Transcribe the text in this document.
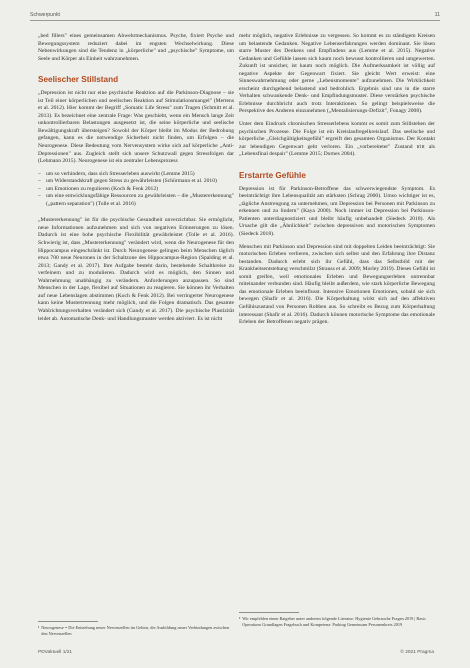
Schwerpunkt	11

„bed fillers" eines gemeinsamen Abwehrmechanismus. Psyche, fixiert Psyche und Bewegungssystem reduziert dabei im engsten Wechselwirkung. Diese Nebenwirkungen sind die Tendenz in „körperliche" und „psychische" Symptome, um Seele und Körper als Einheit wahrzunehmen.

Seelischer Stillstand

„Depression ist nicht nur eine psychische Reaktion auf die Parkinson-Diagnose – sie ist Teil einer körperlichen und seelischen Reaktion auf Stimulationsmangel" (Mertens et al. 2012). Hier kommt der Begriff „Somatic Life Stress" zum Tragen (Schmitt et al. 2013). Es bezeichnet eine zentrale Frage: Was geschieht, wenn ein Mensch lange Zeit unkontrollierbaren Belastungen ausgesetzt ist, die seine körperliche und seelische Bewältigungskraft übersteigen? Sowohl der Körper bleibt im Modus der Bedrohung gefangen, kann es die notwendige Sicherheit nicht finden, um Erfolgen – die Neurogenese. Diese Bedeutung vom Nervensystem wirke sich auf körperliche „Anti-Depressionen" aus. Zugleich stellt sich unsere Schutzwall gegen Stressfolgen dar (Lehmann 2015). Neurogenese ist ein zentraler Lebensprozess

– um so verhindern, dass sich Stresserleben auswirkt (Lemme 2015)
– um Widerstandskraft gegen Stress zu gewährleisten (Schürmann et al. 2010)
– um Emotionen zu regulieren (Koch & Fenk 2012)
– um eine entwicklungsfähige Ressourcen zu gewährleisten – die „Mustererkennung" („pattern separation") (Tolle et al. 2016)

„Mustererkennung" ist für die psychische Gesundheit unverzichtbar. Sie ermöglicht, neue Informationen aufzunehmen und sich von negativen Erinnerungen zu lösen. Dadurch ist eine hohe psychische Flexibilität gewährleistet (Tolle et al. 2016). Schwierig ist, dass „Mustererkennung" verändert wird, wenn die Neurogenese für den Hippocampus eingeschränkt ist. Durch Neurogenese gelingen beim Menschen täglich etwa 700 neue Neuronen in der Schaltzone des Hippocampus-Region (Spalding et al. 2013; Gandy et al. 2017). Ihre Aufgabe besteht darin, bestehende Schaltkreise zu verfeinern und zu modulieren. Dadurch wird es möglich, den Sinnen und Wahrnehmung unabhängig zu verändern. Anforderungen anzupassen. So sind Menschen in der Lage, flexibel auf Situationen zu reagieren. Sie können ihr Verhalten auf neue Lebenslagen abstimmen (Koch & Fenk 2012). Bei verringerter Neurogenese kann keine Mustertrennung mehr möglich, und die Folgen dramatisch. Das gesamte Wahlrichtungsverhalten verändert sich (Gandy et al. 2017). Die psychische Plastizität leidet ab. Automatische Denk- und Handlungsmuster werden aktiviert. Es ist nicht

¹ Neurogenese = Die Entstehung neuer Nervenzellen im Gehirn, die Ausbildung neuer Verbindungen zwischen den Nervenzellen

mehr möglich, negative Erlebnisse zu vergessen. So kommt es zu ständigem Kreisen um belastende Gedanken. Negative Lebenserfahrungen werden dominant. Sie lösen starre Muster des Denkens und Empfindens aus (Lemme et al. 2015). Negative Gedanken und Gefühle lassen sich kaum noch bewusst kontrollieren und umgewerten. Zukunft ist unsicher, ist kaum noch möglich. Die Aufmerksamkeit ist völlig auf negative Aspekte der Gegenwart fixiert. Sie gleicht Wert erweist: eine Sinneswahrnehmung oder gerne „Lebensmomente" aufzunehmen. Die Wirklichkeit erscheint durchgehend belastend und bedrohlich. Ergebnis sind uns in die starre Verhalten schwankende Denk- und Empfindungsmuster. Diese verstärken psychische Erlebnisse durchbricht auch trotz Interaktionen. So gelingt beispielsweise die Perspektive des Anderen einzunehmen („Mentalisierungs-Defizit", Fonagy 2008).

Unter dem Eindruck chronischen Stresserlebens kommt es somit zum Stillstehen der psychischen Prozesse. Die Folge ist ein Kreislaufregelkreislauf. Das seelische und körperliche „Gleichgültigkeitsgefühl" ergreift den gesamten Organismus. Der Kontakt zur lebendigen Gegenwart geht verloren. Ein „vorbereiteter" Zustand tritt als „Lebensfinal despair" (Lemme 2015; Dornes 2004).

Erstarrte Gefühle

Depression ist für Parkinson-Betroffene das schwerwiegendste Symptom. Es beeinträchtigt ihre Lebensqualität am stärksten (Schrag 2000). Umso wichtiger ist es, „tägliche Anstrengung zu unternehmen, um Depression bei Personen mit Parkinson zu erkennen und zu lindern" (Kaya 2000). Noch immer ist Depression bei Parkinson-Patienten unterdiagnostiziert und bleibt häufig unbehandelt (Siedeck 2018). Als Ursache gilt die „Ähnlichkeit" zwischen depressiven und motorischen Symptomen (Siedeck 2018).

Menschen mit Parkinson und Depression sind mit doppelten Leiden beeinträchtigt: Sie motorischen Erleben verlieren, zwischen sich selbst und den Erfahrung ihre Distanz bestanden. Dadurch erlebt sich ihr Gefühl, dass das Selbstbild mit der Krankheitsentstehung verschmilzt (Strauss et al. 2009; Morley 2019). Dieses Gefühl ist somit greifen, weil emotionales Erleben und Bewegungserleben untrennbar miteinander verbunden sind. Häufig bleibt außerdem, wie stark körperliche Bewegung das emotionale Erleben beeinflusst. Intensive Emotionen Emotionen, sobald sie sich bewegen (Shafir et al. 2016). Die Körperhaltung wirkt sich auf den affektiven Gefühlszustand von Personen Robben aus. So schreibt es Bezug zum Körperhaltung interessant (Shafir et al. 2016). Dadurch können motorische Symptome das emotionale Erleben der Betroffenen negativ prägen.

² Wir empfehlen einen Ratgeber unter anderem folgende Literatur: Hygienie Gebrauche Fragen 2019 | Basic Operations Grundlagen Fragebuch und Kompetenz: Parking Gemeinsam Personenkreis 2019
PDVaktuell 1/21	© 2021 Pragma
